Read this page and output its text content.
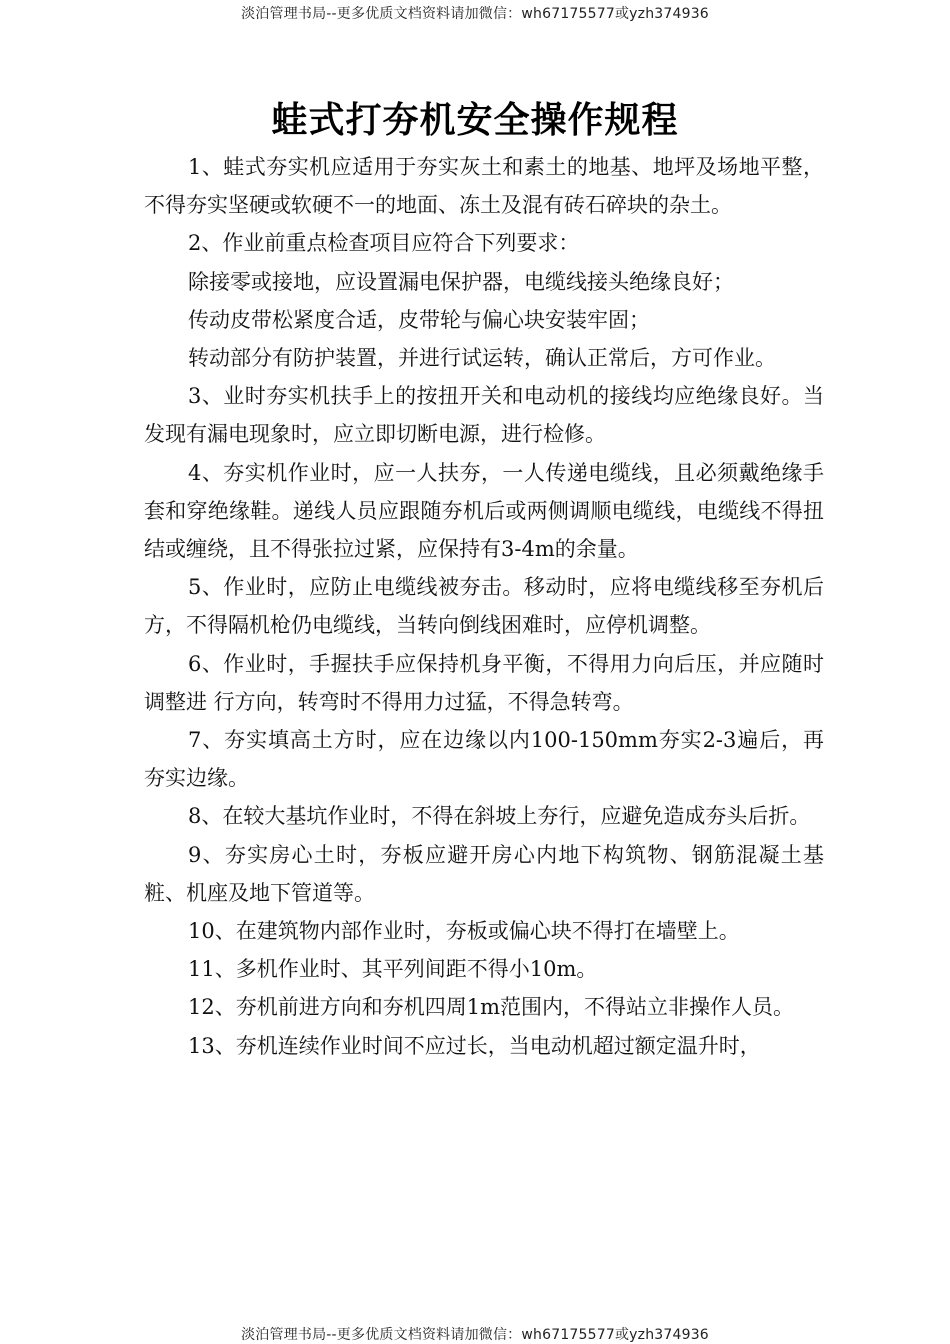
淡泊管理书局--更多优质文档资料请加微信：wh67175577或yzh374936
蛙式打夯机安全操作规程

1、蛙式夯实机应适用于夯实灰土和素土的地基、地坪及场地平整，不得夯实坚硬或软硬不一的地面、冻土及混有砖石碎块的杂土。

2、作业前重点检查项目应符合下列要求：

除接零或接地，应设置漏电保护器，电缆线接头绝缘良好；

传动皮带松紧度合适，皮带轮与偏心块安装牢固；

转动部分有防护装置，并进行试运转，确认正常后，方可作业。

3、业时夯实机扶手上的按扭开关和电动机的接线均应绝缘良好。当发现有漏电现象时，应立即切断电源，进行检修。

4、夯实机作业时，应一人扶夯，一人传递电缆线，且必须戴绝缘手套和穿绝缘鞋。递线人员应跟随夯机后或两侧调顺电缆线，电缆线不得扭结或缠绕，且不得张拉过紧，应保持有3-4m的余量。

5、作业时，应防止电缆线被夯击。移动时，应将电缆线移至夯机后方，不得隔机枪仍电缆线，当转向倒线困难时，应停机调整。

6、作业时，手握扶手应保持机身平衡，不得用力向后压，并应随时调整进 行方向，转弯时不得用力过猛，不得急转弯。

7、夯实填高土方时，应在边缘以内100-150mm夯实2-3遍后，再夯实边缘。

8、在较大基坑作业时，不得在斜坡上夯行，应避免造成夯头后折。

9、夯实房心土时，夯板应避开房心内地下构筑物、钢筋混凝土基粧、机座及地下管道等。

10、在建筑物内部作业时，夯板或偏心块不得打在墙壁上。

11、多机作业时、其平列间距不得小10m。

12、夯机前进方向和夯机四周1m范围内，不得站立非操作人员。

13、夯机连续作业时间不应过长，当电动机超过额定温升时，

淡泊管理书局--更多优质文档资料请加微信：wh67175577或yzh374936
